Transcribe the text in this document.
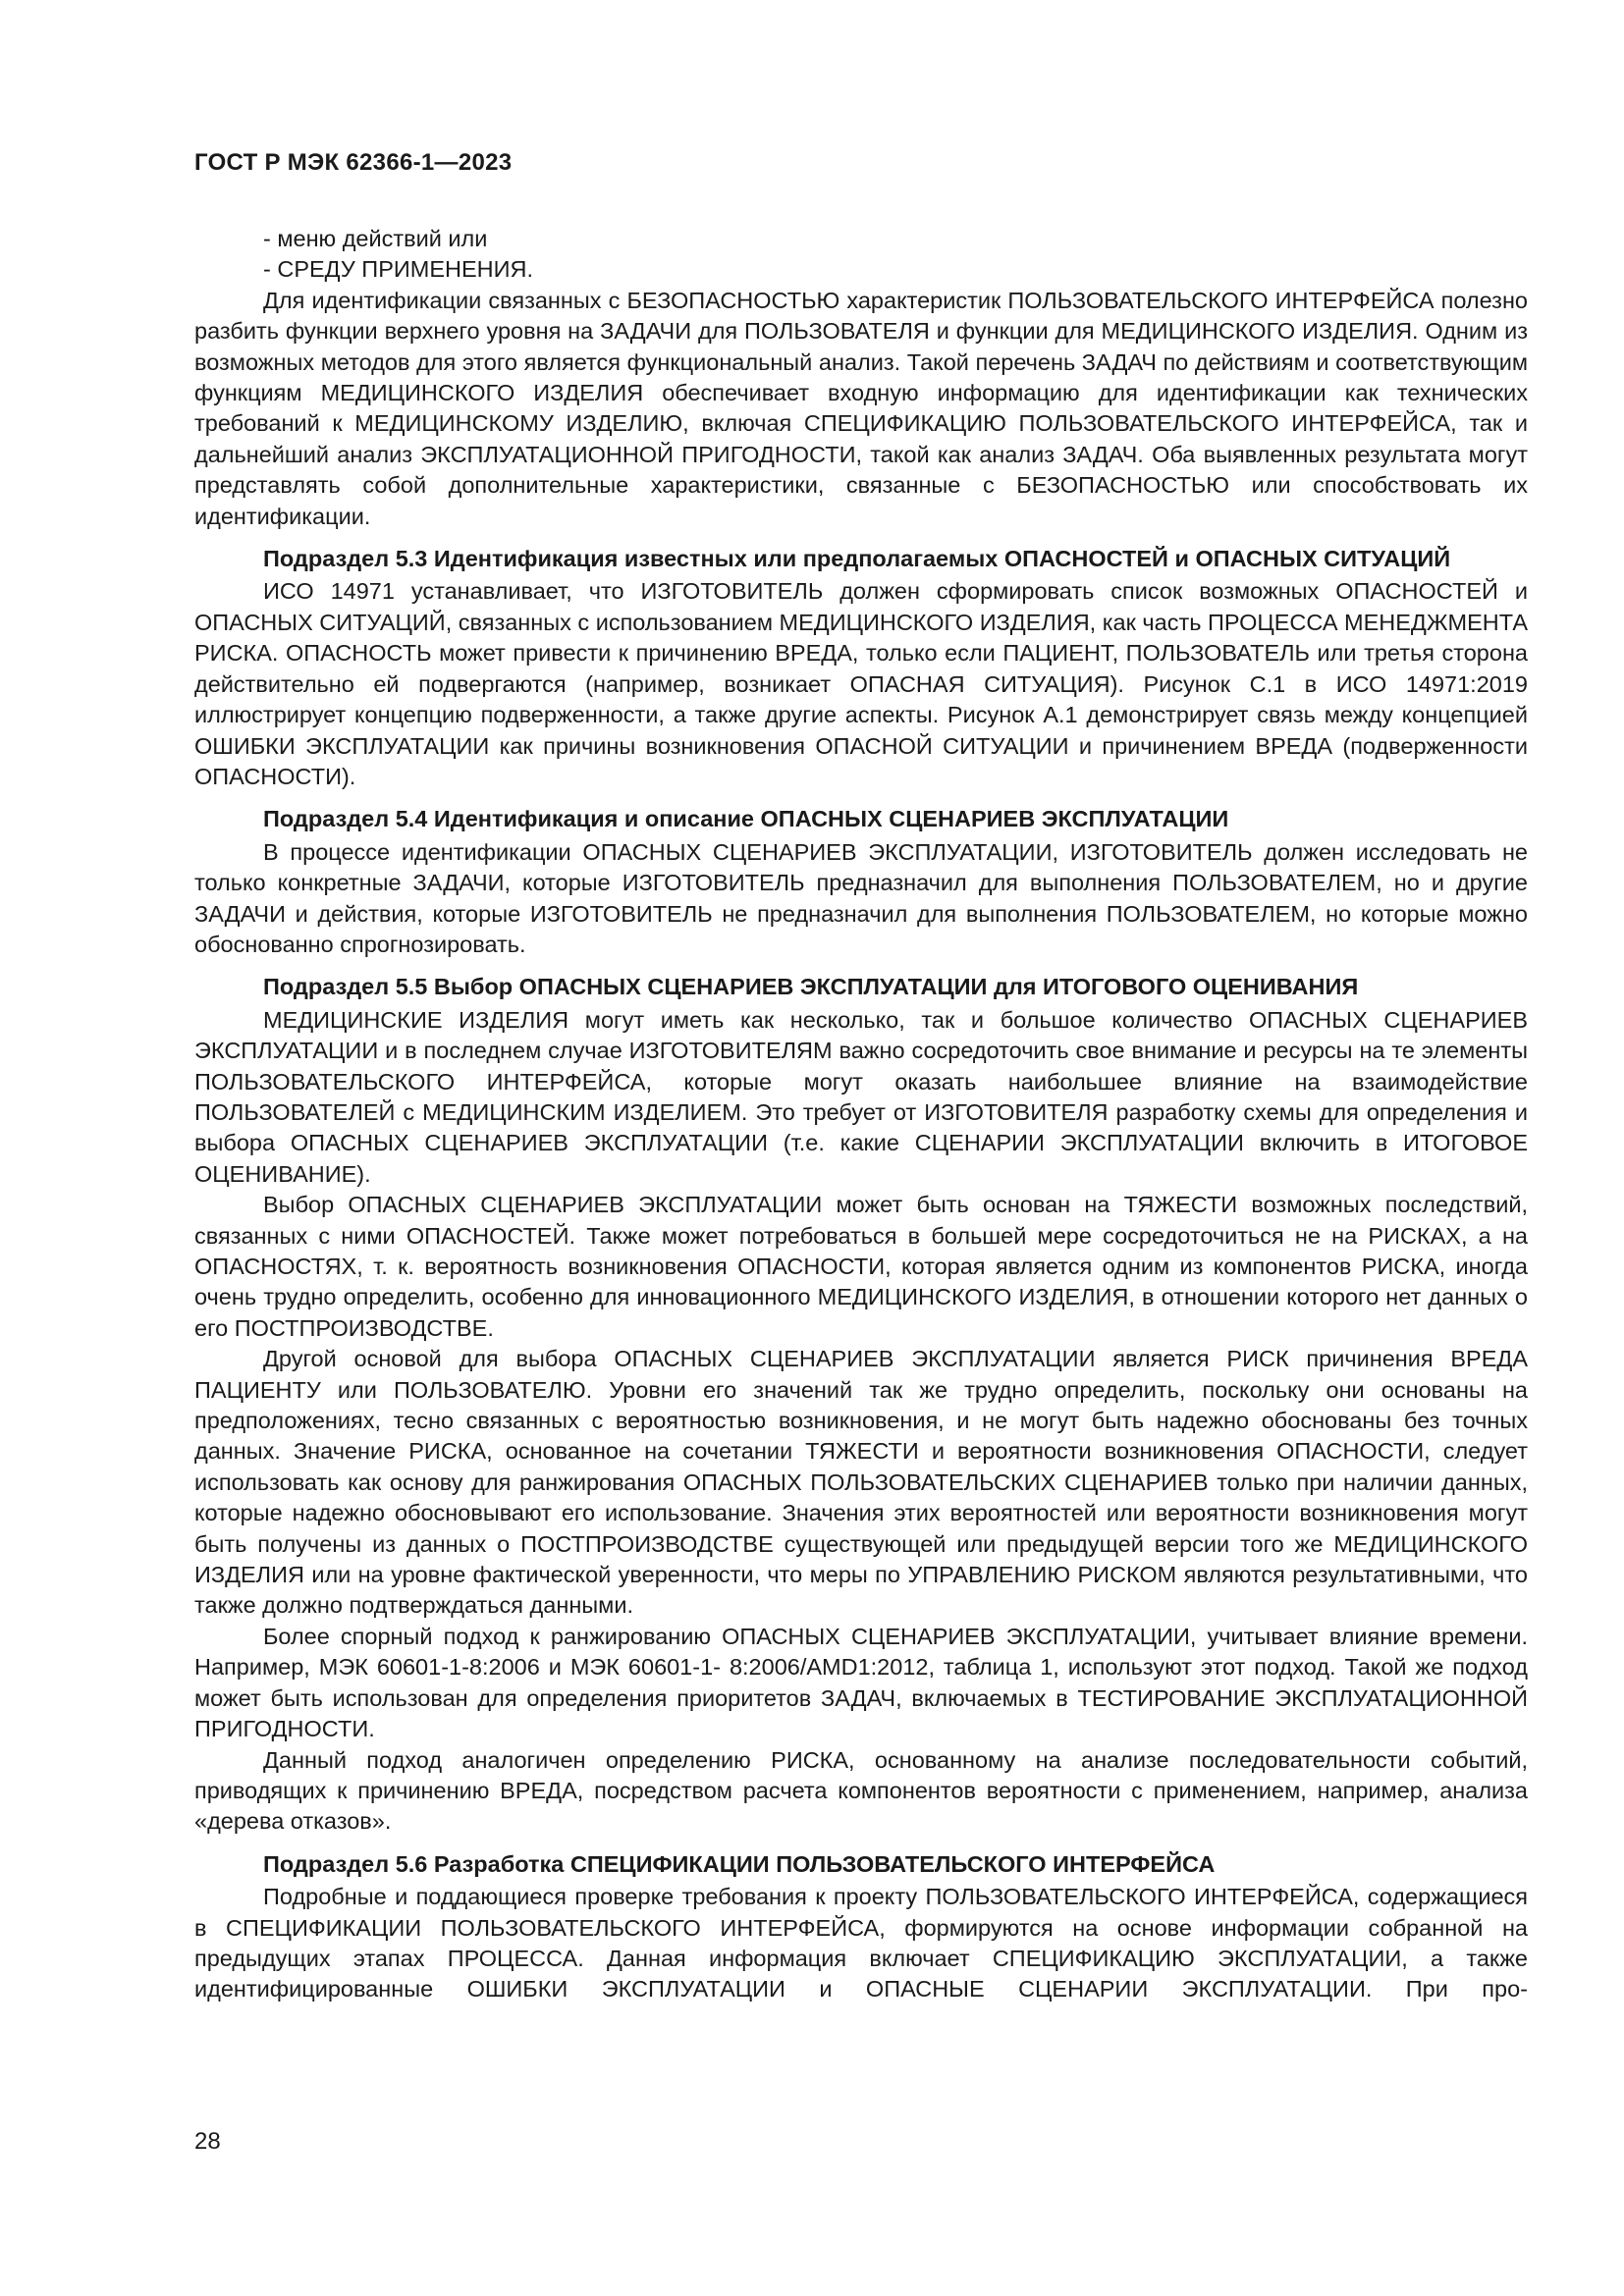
ГОСТ Р МЭК 62366-1—2023

- меню действий или

- СРЕДУ ПРИМЕНЕНИЯ.

Для идентификации связанных с БЕЗОПАСНОСТЬЮ характеристик ПОЛЬЗОВАТЕЛЬСКОГО ИНТЕРФЕЙСА полезно разбить функции верхнего уровня на ЗАДАЧИ для ПОЛЬЗОВАТЕЛЯ и функции для МЕДИЦИНСКОГО ИЗДЕЛИЯ. Одним из возможных методов для этого является функциональный анализ. Такой перечень ЗАДАЧ по действиям и соответствующим функциям МЕДИЦИНСКОГО ИЗДЕЛИЯ обеспечивает входную информацию для идентификации как технических требований к МЕДИЦИНСКОМУ ИЗДЕЛИЮ, включая СПЕЦИФИКАЦИЮ ПОЛЬЗОВАТЕЛЬСКОГО ИНТЕРФЕЙСА, так и дальнейший анализ ЭКСПЛУАТАЦИОННОЙ ПРИГОДНОСТИ, такой как анализ ЗАДАЧ. Оба выявленных результата могут представлять собой дополнительные характеристики, связанные с БЕЗОПАСНОСТЬЮ или способствовать их идентификации.

Подраздел 5.3 Идентификация известных или предполагаемых ОПАСНОСТЕЙ и ОПАСНЫХ СИТУАЦИЙ

ИСО 14971 устанавливает, что ИЗГОТОВИТЕЛЬ должен сформировать список возможных ОПАСНОСТЕЙ и ОПАСНЫХ СИТУАЦИЙ, связанных с использованием МЕДИЦИНСКОГО ИЗДЕЛИЯ, как часть ПРОЦЕССА МЕНЕДЖМЕНТА РИСКА. ОПАСНОСТЬ может привести к причинению ВРЕДА, только если ПАЦИЕНТ, ПОЛЬЗОВАТЕЛЬ или третья сторона действительно ей подвергаются (например, возникает ОПАСНАЯ СИТУАЦИЯ). Рисунок С.1 в ИСО 14971:2019 иллюстрирует концепцию подверженности, а также другие аспекты. Рисунок А.1 демонстрирует связь между концепцией ОШИБКИ ЭКСПЛУАТАЦИИ как причины возникновения ОПАСНОЙ СИТУАЦИИ и причинением ВРЕДА (подверженности ОПАСНОСТИ).

Подраздел 5.4 Идентификация и описание ОПАСНЫХ СЦЕНАРИЕВ ЭКСПЛУАТАЦИИ

В процессе идентификации ОПАСНЫХ СЦЕНАРИЕВ ЭКСПЛУАТАЦИИ, ИЗГОТОВИТЕЛЬ должен исследовать не только конкретные ЗАДАЧИ, которые ИЗГОТОВИТЕЛЬ предназначил для выполнения ПОЛЬЗОВАТЕЛЕМ, но и другие ЗАДАЧИ и действия, которые ИЗГОТОВИТЕЛЬ не предназначил для выполнения ПОЛЬЗОВАТЕЛЕМ, но которые можно обоснованно спрогнозировать.

Подраздел 5.5 Выбор ОПАСНЫХ СЦЕНАРИЕВ ЭКСПЛУАТАЦИИ для ИТОГОВОГО ОЦЕНИВАНИЯ

МЕДИЦИНСКИЕ ИЗДЕЛИЯ могут иметь как несколько, так и большое количество ОПАСНЫХ СЦЕНАРИЕВ ЭКСПЛУАТАЦИИ и в последнем случае ИЗГОТОВИТЕЛЯМ важно сосредоточить свое внимание и ресурсы на те элементы ПОЛЬЗОВАТЕЛЬСКОГО ИНТЕРФЕЙСА, которые могут оказать наибольшее влияние на взаимодействие ПОЛЬЗОВАТЕЛЕЙ с МЕДИЦИНСКИМ ИЗДЕЛИЕМ. Это требует от ИЗГОТОВИТЕЛЯ разработку схемы для определения и выбора ОПАСНЫХ СЦЕНАРИЕВ ЭКСПЛУАТАЦИИ (т.е. какие СЦЕНАРИИ ЭКСПЛУАТАЦИИ включить в ИТОГОВОЕ ОЦЕНИВАНИЕ).

Выбор ОПАСНЫХ СЦЕНАРИЕВ ЭКСПЛУАТАЦИИ может быть основан на ТЯЖЕСТИ возможных последствий, связанных с ними ОПАСНОСТЕЙ. Также может потребоваться в большей мере сосредоточиться не на РИСКАХ, а на ОПАСНОСТЯХ, т. к. вероятность возникновения ОПАСНОСТИ, которая является одним из компонентов РИСКА, иногда очень трудно определить, особенно для инновационного МЕДИЦИНСКОГО ИЗДЕЛИЯ, в отношении которого нет данных о его ПОСТПРОИЗВОДСТВЕ.

Другой основой для выбора ОПАСНЫХ СЦЕНАРИЕВ ЭКСПЛУАТАЦИИ является РИСК причинения ВРЕДА ПАЦИЕНТУ или ПОЛЬЗОВАТЕЛЮ. Уровни его значений так же трудно определить, поскольку они основаны на предположениях, тесно связанных с вероятностью возникновения, и не могут быть надежно обоснованы без точных данных. Значение РИСКА, основанное на сочетании ТЯЖЕСТИ и вероятности возникновения ОПАСНОСТИ, следует использовать как основу для ранжирования ОПАСНЫХ ПОЛЬЗОВАТЕЛЬСКИХ СЦЕНАРИЕВ только при наличии данных, которые надежно обосновывают его использование. Значения этих вероятностей или вероятности возникновения могут быть получены из данных о ПОСТПРОИЗВОДСТВЕ существующей или предыдущей версии того же МЕДИЦИНСКОГО ИЗДЕЛИЯ или на уровне фактической уверенности, что меры по УПРАВЛЕНИЮ РИСКОМ являются результативными, что также должно подтверждаться данными.

Более спорный подход к ранжированию ОПАСНЫХ СЦЕНАРИЕВ ЭКСПЛУАТАЦИИ, учитывает влияние времени. Например, МЭК 60601-1-8:2006 и МЭК 60601-1- 8:2006/AMD1:2012, таблица 1, используют этот подход. Такой же подход может быть использован для определения приоритетов ЗАДАЧ, включаемых в ТЕСТИРОВАНИЕ ЭКСПЛУАТАЦИОННОЙ ПРИГОДНОСТИ.

Данный подход аналогичен определению РИСКА, основанному на анализе последовательности событий, приводящих к причинению ВРЕДА, посредством расчета компонентов вероятности с применением, например, анализа «дерева отказов».

Подраздел 5.6 Разработка СПЕЦИФИКАЦИИ ПОЛЬЗОВАТЕЛЬСКОГО ИНТЕРФЕЙСА

Подробные и поддающиеся проверке требования к проекту ПОЛЬЗОВАТЕЛЬСКОГО ИНТЕРФЕЙСА, содержащиеся в СПЕЦИФИКАЦИИ ПОЛЬЗОВАТЕЛЬСКОГО ИНТЕРФЕЙСА, формируются на основе информации собранной на предыдущих этапах ПРОЦЕССА. Данная информация включает СПЕЦИФИКАЦИЮ ЭКСПЛУАТАЦИИ, а также идентифицированные ОШИБКИ ЭКСПЛУАТАЦИИ и ОПАСНЫЕ СЦЕНАРИИ ЭКСПЛУАТАЦИИ. При про-

28
